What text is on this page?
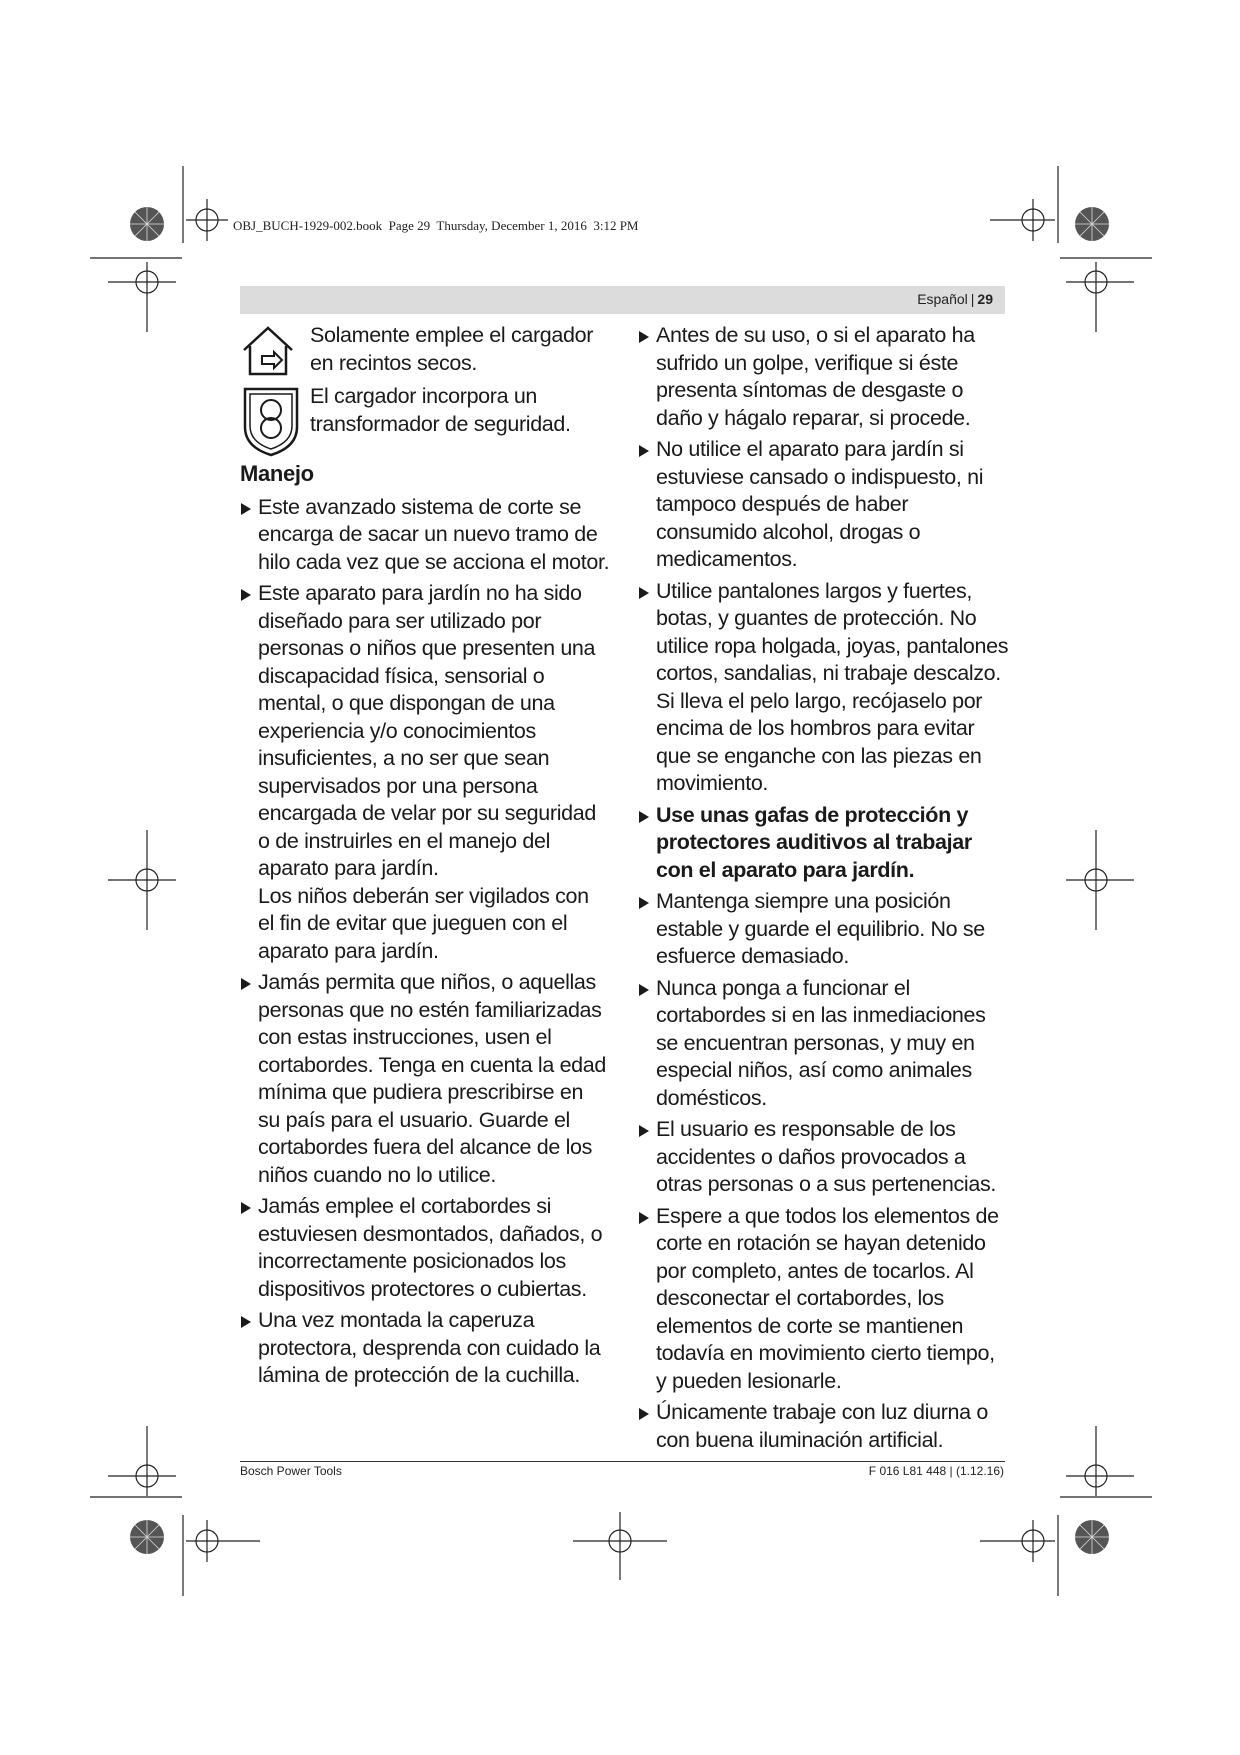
OBJ_BUCH-1929-002.book  Page 29  Thursday, December 1, 2016  3:12 PM
Español | 29

Solamente emplee el cargador en recintos secos.

El cargador incorpora un transformador de seguridad.

Manejo
Este avanzado sistema de corte se encarga de sacar un nuevo tramo de hilo cada vez que se acciona el motor.
Este aparato para jardín no ha sido diseñado para ser utilizado por personas o niños que presenten una discapacidad física, sensorial o mental, o que dispongan de una experiencia y/o conocimientos insuficientes, a no ser que sean supervisados por una persona encargada de velar por su seguridad o de instruirles en el manejo del aparato para jardín.
Los niños deberán ser vigilados con el fin de evitar que jueguen con el aparato para jardín.
Jamás permita que niños, o aquellas personas que no estén familiarizadas con estas instrucciones, usen el cortabordes. Tenga en cuenta la edad mínima que pudiera prescribirse en su país para el usuario. Guarde el cortabordes fuera del alcance de los niños cuando no lo utilice.
Jamás emplee el cortabordes si estuviesen desmontados, dañados, o incorrectamente posicionados los dispositivos protectores o cubiertas.
Una vez montada la caperuza protectora, desprenda con cuidado la lámina de protección de la cuchilla.
Antes de su uso, o si el aparato ha sufrido un golpe, verifique si éste presenta síntomas de desgaste o daño y hágalo reparar, si procede.
No utilice el aparato para jardín si estuviese cansado o indispuesto, ni tampoco después de haber consumido alcohol, drogas o medicamentos.
Utilice pantalones largos y fuertes, botas, y guantes de protección. No utilice ropa holgada, joyas, pantalones cortos, sandalias, ni trabaje descalzo. Si lleva el pelo largo, recójaselo por encima de los hombros para evitar que se enganche con las piezas en movimiento.
Use unas gafas de protección y protectores auditivos al trabajar con el aparato para jardín.
Mantenga siempre una posición estable y guarde el equilibrio. No se esfuerce demasiado.
Nunca ponga a funcionar el cortabordes si en las inmediaciones se encuentran personas, y muy en especial niños, así como animales domésticos.
El usuario es responsable de los accidentes o daños provocados a otras personas o a sus pertenencias.
Espere a que todos los elementos de corte en rotación se hayan detenido por completo, antes de tocarlos. Al desconectar el cortabordes, los elementos de corte se mantienen todavía en movimiento cierto tiempo, y pueden lesionarle.
Únicamente trabaje con luz diurna o con buena iluminación artificial.
Bosch Power Tools	F 016 L81 448 | (1.12.16)
